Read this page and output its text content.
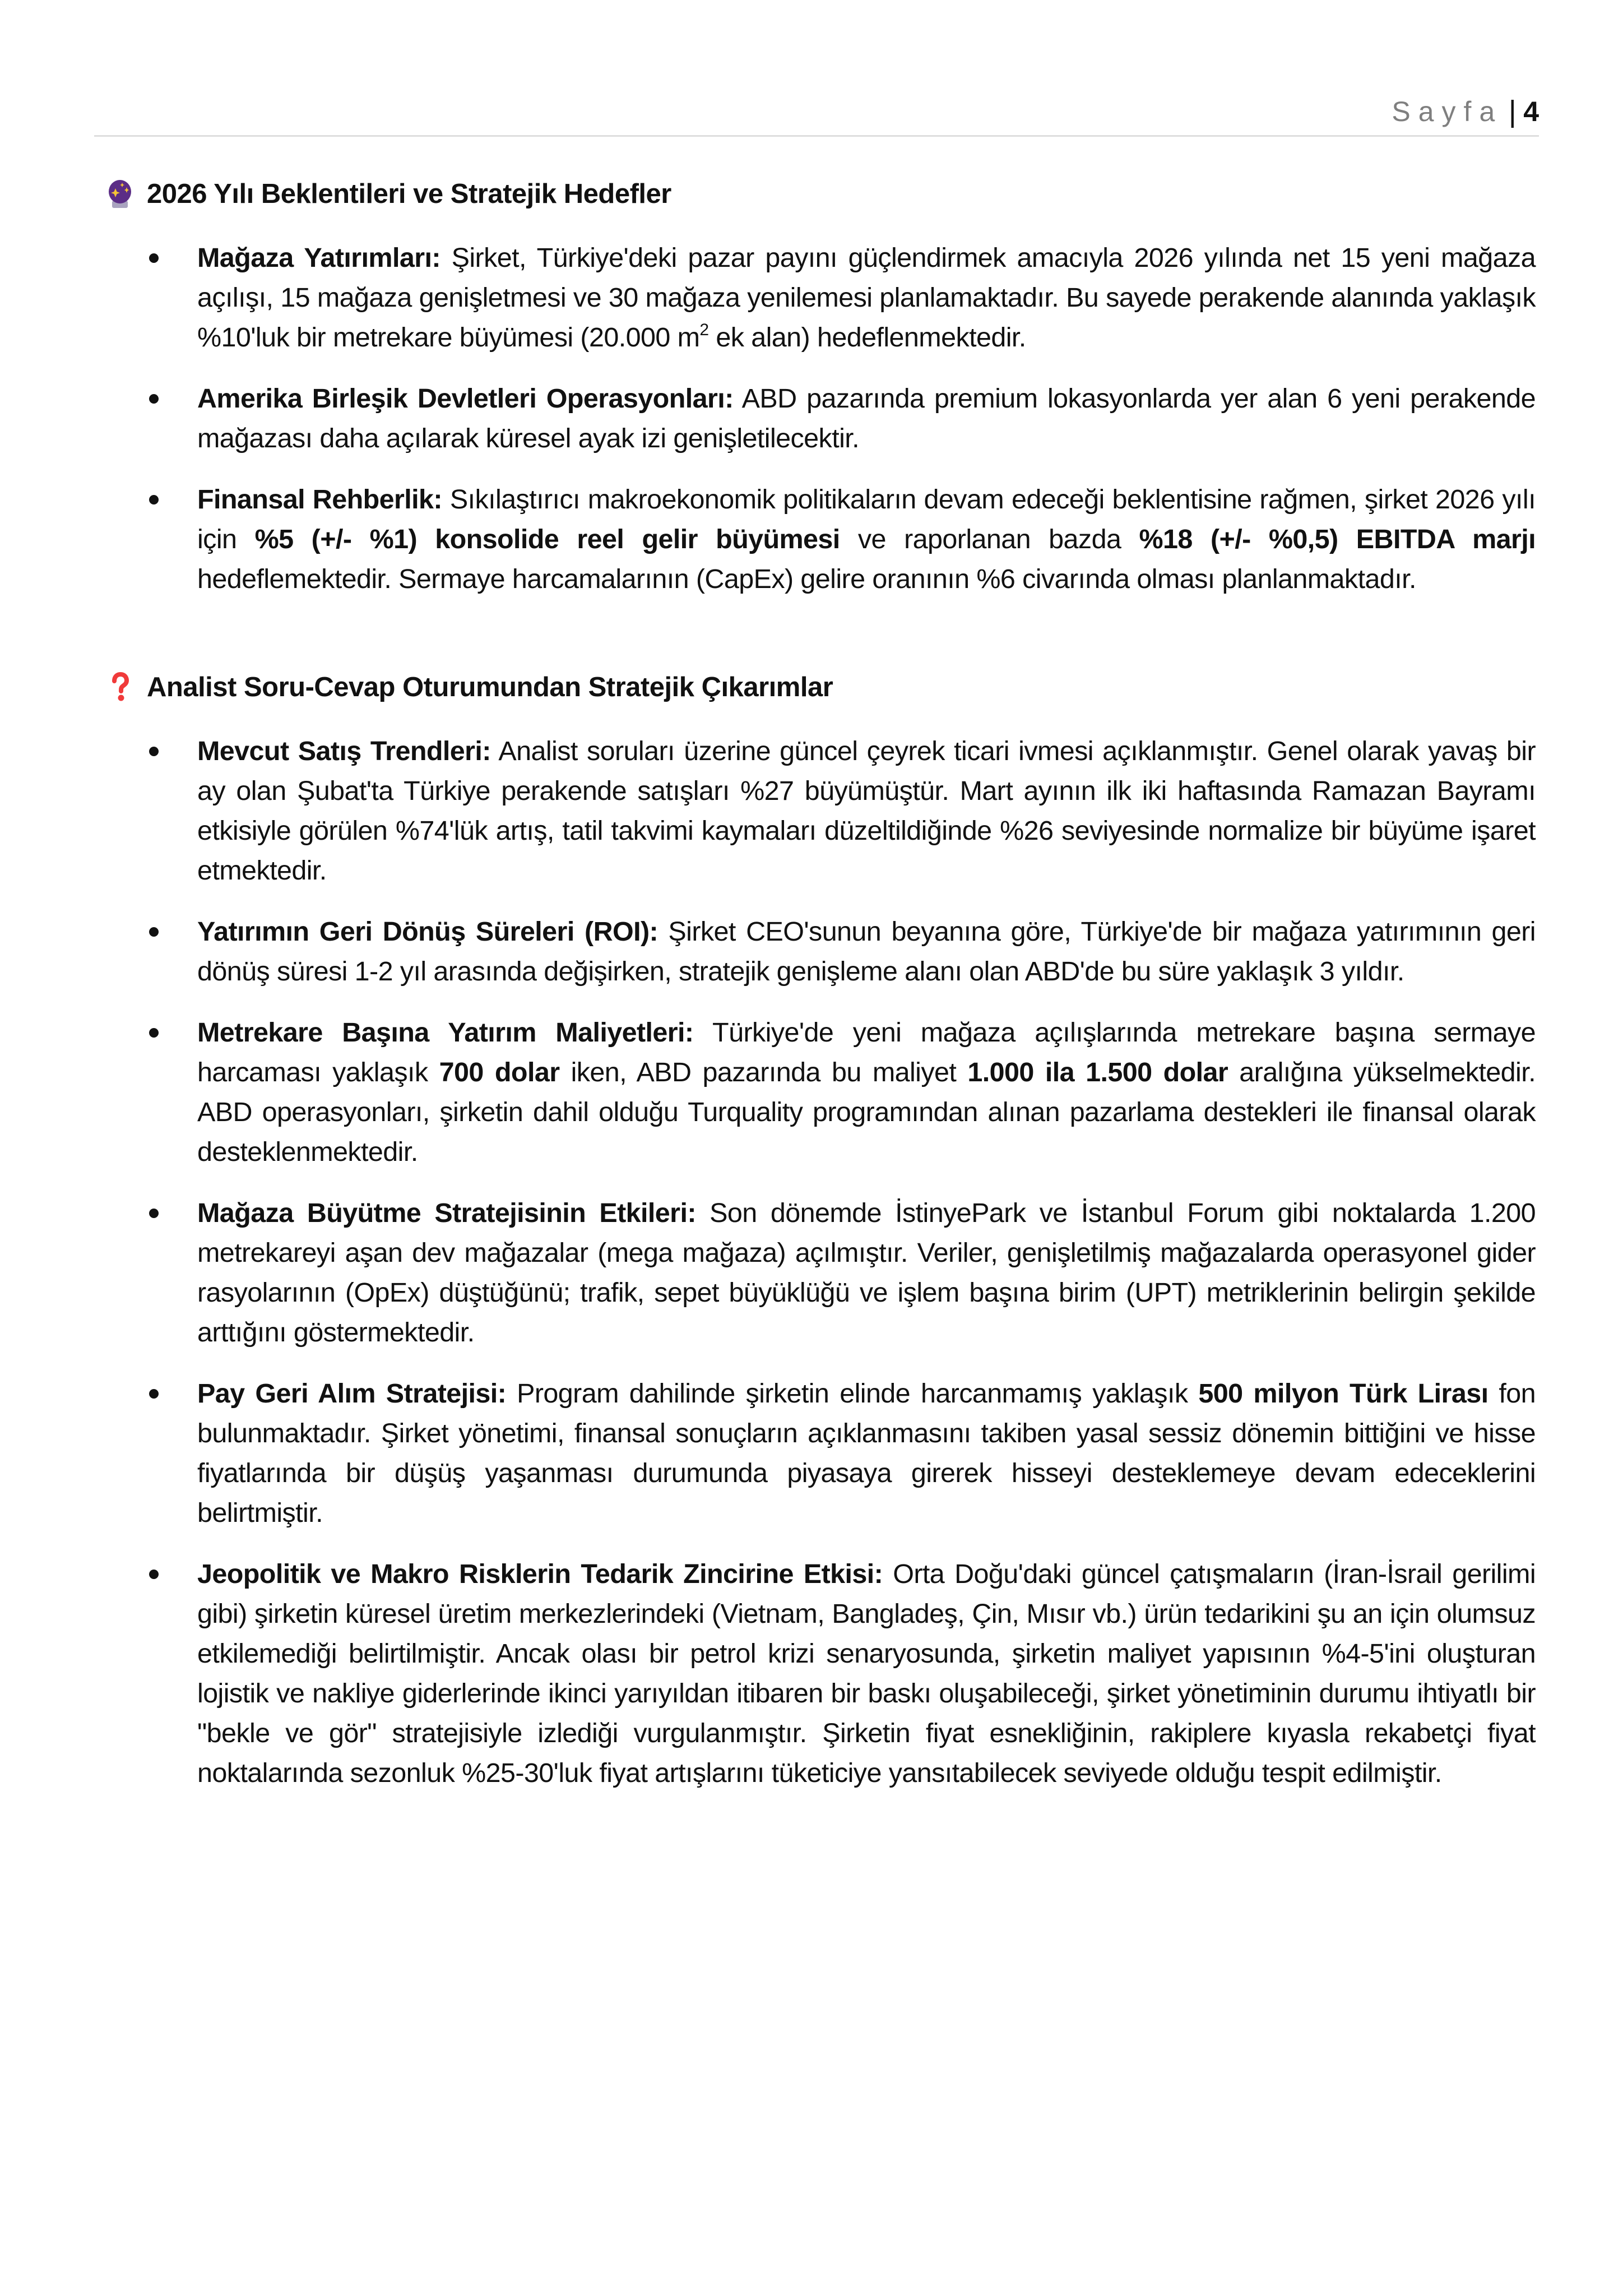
Sayfa | 4
2026 Yılı Beklentileri ve Stratejik Hedefler
Mağaza Yatırımları: Şirket, Türkiye'deki pazar payını güçlendirmek amacıyla 2026 yılında net 15 yeni mağaza açılışı, 15 mağaza genişletmesi ve 30 mağaza yenilemesi planlamaktadır. Bu sayede perakende alanında yaklaşık %10'luk bir metrekare büyümesi (20.000 $m^2$ ek alan) hedeflenmektedir.
Amerika Birleşik Devletleri Operasyonları: ABD pazarında premium lokasyonlarda yer alan 6 yeni perakende mağazası daha açılarak küresel ayak izi genişletilecektir.
Finansal Rehberlik: Sıkılaştırıcı makroekonomik politikaların devam edeceği beklentisine rağmen, şirket 2026 yılı için %5 (+/- %1) konsolide reel gelir büyümesi ve raporlanan bazda %18 (+/- %0,5) EBITDA marjı hedeflemektedir. Sermaye harcamalarının (CapEx) gelire oranının %6 civarında olması planlanmaktadır.
Analist Soru-Cevap Oturumundan Stratejik Çıkarımlar
Mevcut Satış Trendleri: Analist soruları üzerine güncel çeyrek ticari ivmesi açıklanmıştır. Genel olarak yavaş bir ay olan Şubat'ta Türkiye perakende satışları %27 büyümüştür. Mart ayının ilk iki haftasında Ramazan Bayramı etkisiyle görülen %74'lük artış, tatil takvimi kaymaları düzeltildiğinde %26 seviyesinde normalize bir büyüme işaret etmektedir.
Yatırımın Geri Dönüş Süreleri (ROI): Şirket CEO'sunun beyanına göre, Türkiye'de bir mağaza yatırımının geri dönüş süresi 1-2 yıl arasında değişirken, stratejik genişleme alanı olan ABD'de bu süre yaklaşık 3 yıldır.
Metrekare Başına Yatırım Maliyetleri: Türkiye'de yeni mağaza açılışlarında metrekare başına sermaye harcaması yaklaşık 700 dolar iken, ABD pazarında bu maliyet 1.000 ila 1.500 dolar aralığına yükselmektedir. ABD operasyonları, şirketin dahil olduğu Turquality programından alınan pazarlama destekleri ile finansal olarak desteklenmektedir.
Mağaza Büyütme Stratejisinin Etkileri: Son dönemde İstinyePark ve İstanbul Forum gibi noktalarda 1.200 metrekareyi aşan dev mağazalar (mega mağaza) açılmıştır. Veriler, genişletilmiş mağazalarda operasyonel gider rasyolarının (OpEx) düştüğünü; trafik, sepet büyüklüğü ve işlem başına birim (UPT) metriklerinin belirgin şekilde arttığını göstermektedir.
Pay Geri Alım Stratejisi: Program dahilinde şirketin elinde harcanmamış yaklaşık 500 milyon Türk Lirası fon bulunmaktadır. Şirket yönetimi, finansal sonuçların açıklanmasını takiben yasal sessiz dönemin bittiğini ve hisse fiyatlarında bir düşüş yaşanması durumunda piyasaya girerek hisseyi desteklemeye devam edeceklerini belirtmiştir.
Jeopolitik ve Makro Risklerin Tedarik Zincirine Etkisi: Orta Doğu'daki güncel çatışmaların (İran-İsrail gerilimi gibi) şirketin küresel üretim merkezlerindeki (Vietnam, Bangladeş, Çin, Mısır vb.) ürün tedarikini şu an için olumsuz etkilemediği belirtilmiştir. Ancak olası bir petrol krizi senaryosunda, şirketin maliyet yapısının %4-5'ini oluşturan lojistik ve nakliye giderlerinde ikinci yarıyıldan itibaren bir baskı oluşabileceği, şirket yönetiminin durumu ihtiyatlı bir "bekle ve gör" stratejisiyle izlediği vurgulanmıştır. Şirketin fiyat esnekliğinin, rakiplere kıyasla rekabetçi fiyat noktalarında sezonluk %25-30'luk fiyat artışlarını tüketiciye yansıtabilecek seviyede olduğu tespit edilmiştir.
